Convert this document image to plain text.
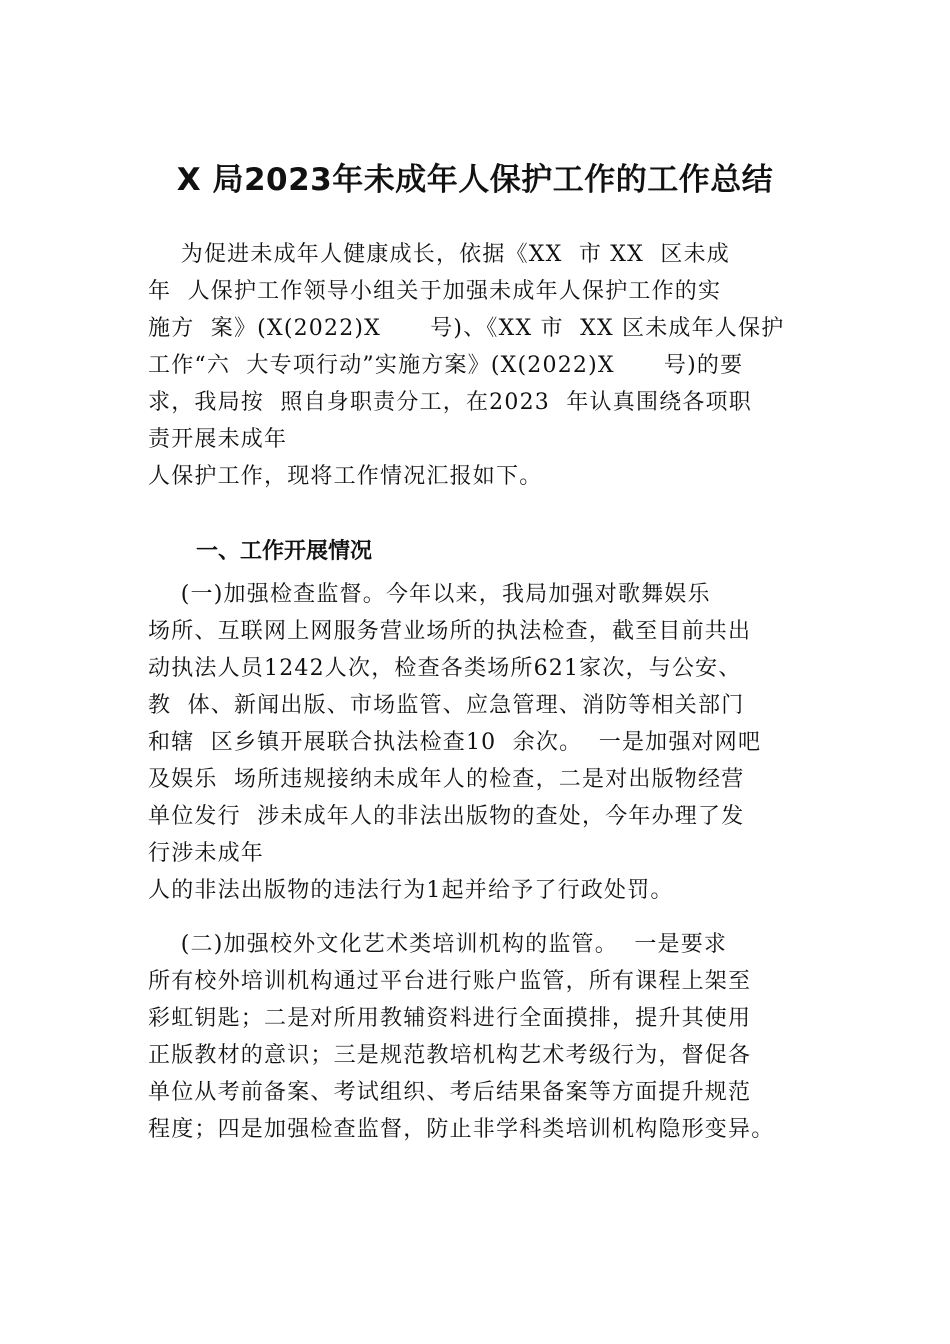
X 局2023年未成年人保护工作的工作总结
为促进未成年人健康成长，依据《XX  市 XX  区未成
年  人保护工作领导小组关于加强未成年人保护工作的实
施方  案》(X(2022)X      号)、《XX 市  XX 区未成年人保护
工作“六  大专项行动”实施方案》(X(2022)X      号)的要
求，我局按  照自身职责分工，在2023  年认真围绕各项职
责开展未成年
人保护工作，现将工作情况汇报如下。
一、工作开展情况
(一)加强检查监督。今年以来，我局加强对歌舞娱乐
场所、互联网上网服务营业场所的执法检查，截至目前共出
动执法人员1242人次，检查各类场所621家次，与公安、
教  体、新闻出版、市场监管、应急管理、消防等相关部门
和辖  区乡镇开展联合执法检查10  余次。  一是加强对网吧
及娱乐  场所违规接纳未成年人的检查，二是对出版物经营
单位发行  涉未成年人的非法出版物的查处，今年办理了发
行涉未成年
人的非法出版物的违法行为1起并给予了行政处罚。
(二)加强校外文化艺术类培训机构的监管。  一是要求
所有校外培训机构通过平台进行账户监管，所有课程上架至
彩虹钥匙；二是对所用教辅资料进行全面摸排，提升其使用
正版教材的意识；三是规范教培机构艺术考级行为，督促各
单位从考前备案、考试组织、考后结果备案等方面提升规范
程度；四是加强检查监督，防止非学科类培训机构隐形变异。
